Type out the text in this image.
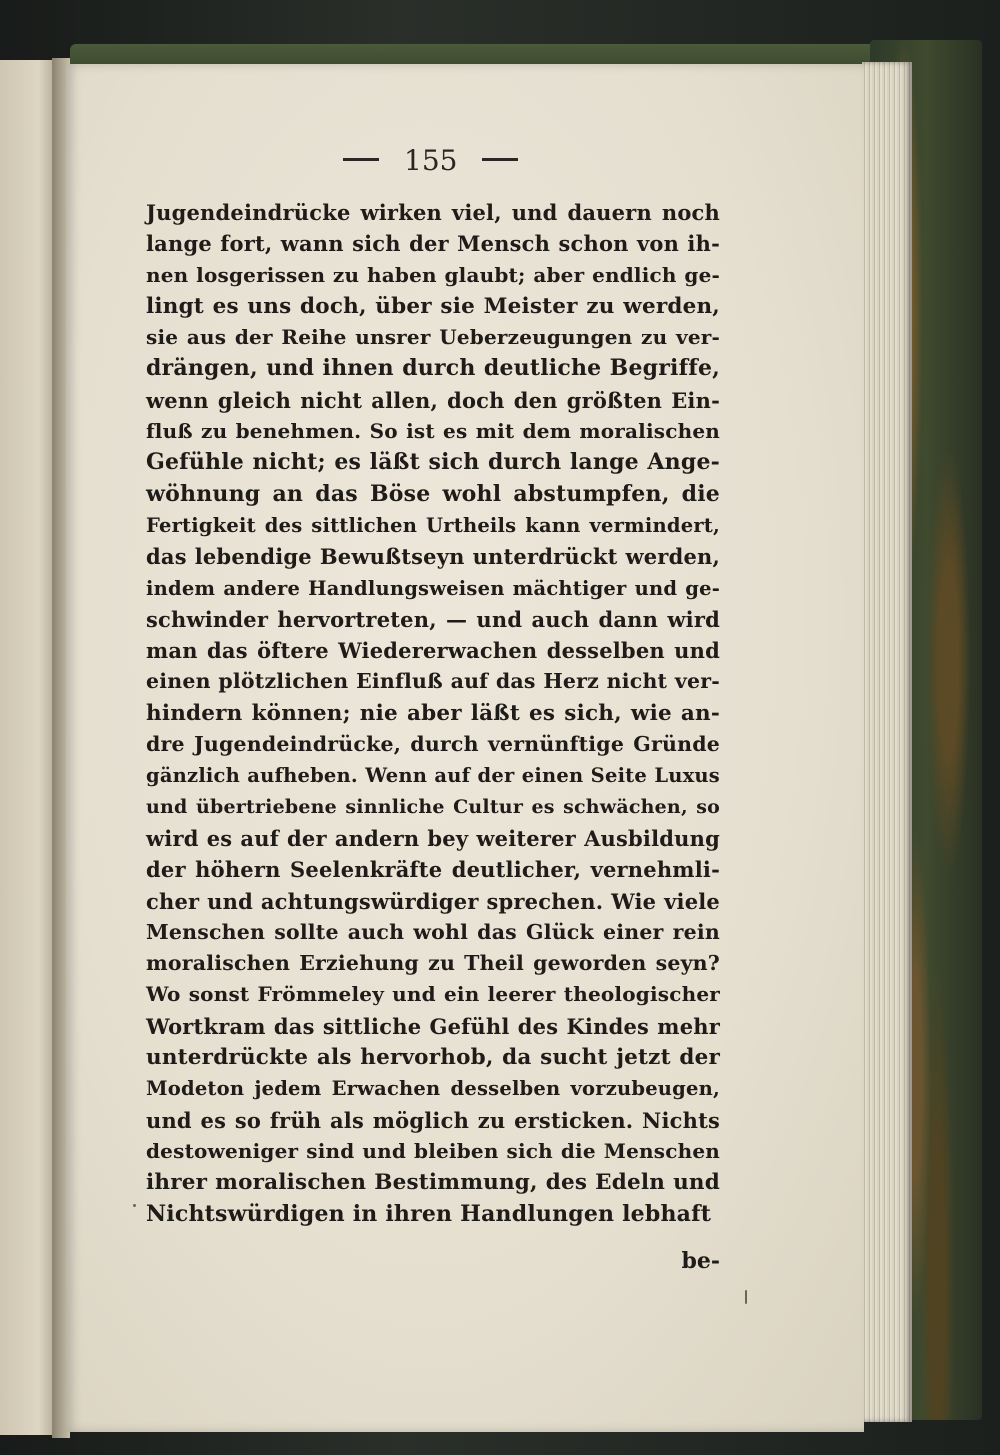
155
Jugendeindrücke wirken viel, und dauern noch
lange fort, wann sich der Mensch schon von ih-
nen losgerissen zu haben glaubt; aber endlich ge-
lingt es uns doch, über sie Meister zu werden,
sie aus der Reihe unsrer Ueberzeugungen zu ver-
drängen, und ihnen durch deutliche Begriffe,
wenn gleich nicht allen, doch den größten Ein-
fluß zu benehmen. So ist es mit dem moralischen
Gefühle nicht; es läßt sich durch lange Ange-
wöhnung an das Böse wohl abstumpfen, die
Fertigkeit des sittlichen Urtheils kann vermindert,
das lebendige Bewußtseyn unterdrückt werden,
indem andere Handlungsweisen mächtiger und ge-
schwinder hervortreten, — und auch dann wird
man das öftere Wiedererwachen desselben und
einen plötzlichen Einfluß auf das Herz nicht ver-
hindern können; nie aber läßt es sich, wie an-
dre Jugendeindrücke, durch vernünftige Gründe
gänzlich aufheben. Wenn auf der einen Seite Luxus
und übertriebene sinnliche Cultur es schwächen, so
wird es auf der andern bey weiterer Ausbildung
der höhern Seelenkräfte deutlicher, vernehmli-
cher und achtungswürdiger sprechen. Wie viele
Menschen sollte auch wohl das Glück einer rein
moralischen Erziehung zu Theil geworden seyn?
Wo sonst Frömmeley und ein leerer theologischer
Wortkram das sittliche Gefühl des Kindes mehr
unterdrückte als hervorhob, da sucht jetzt der
Modeton jedem Erwachen desselben vorzubeugen,
und es so früh als möglich zu ersticken. Nichts
destoweniger sind und bleiben sich die Menschen
ihrer moralischen Bestimmung, des Edeln und
Nichtswürdigen in ihren Handlungen lebhaft
be-
